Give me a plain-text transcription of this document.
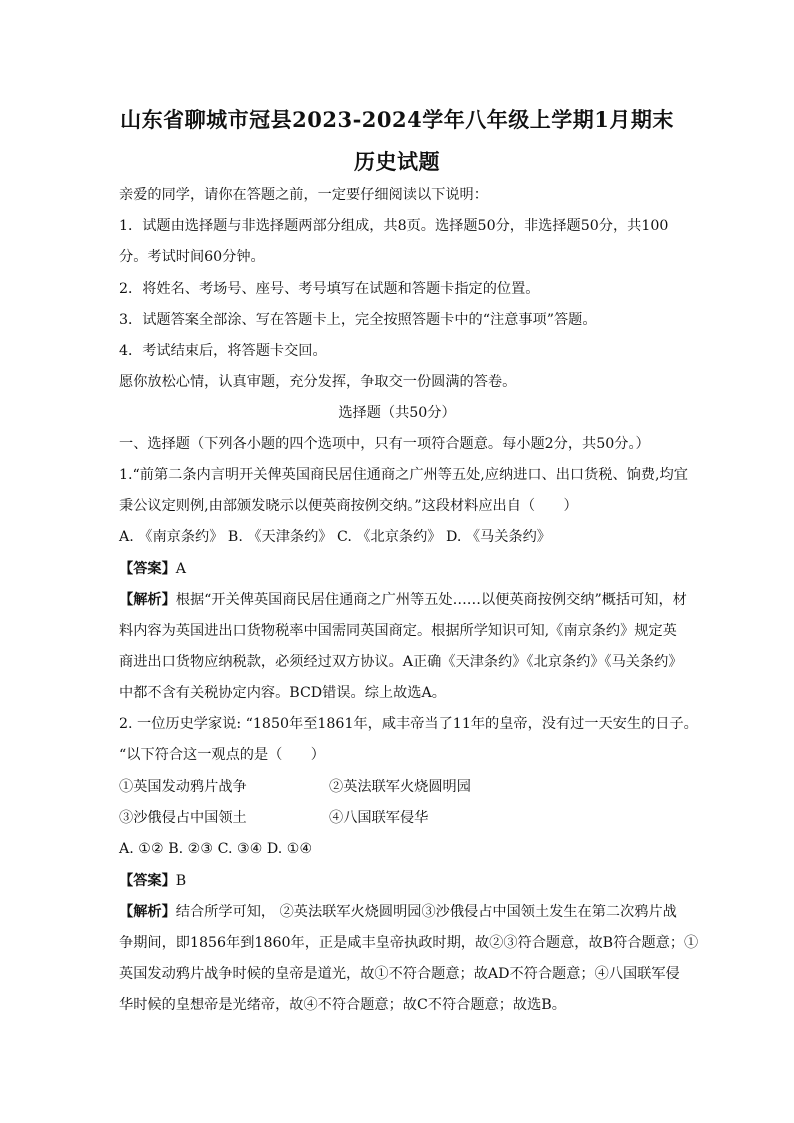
山东省聊城市冠县2023-2024学年八年级上学期1月期末
历史试题
亲爱的同学，请你在答题之前，一定要仔细阅读以下说明：
1．试题由选择题与非选择题两部分组成，共8页。选择题50分，非选择题50分，共100
分。考试时间60分钟。
2．将姓名、考场号、座号、考号填写在试题和答题卡指定的位置。
3．试题答案全部涂、写在答题卡上，完全按照答题卡中的“注意事项”答题。
4．考试结束后，将答题卡交回。
愿你放松心情，认真审题，充分发挥，争取交一份圆满的答卷。
选择题（共50分）
一、选择题（下列各小题的四个选项中，只有一项符合题意。每小题2分，共50分。）
1.“前第二条内言明开关俾英国商民居住通商之广州等五处,应纳进口、出口货税、饷费,均宜
秉公议定则例,由部颁发晓示以便英商按例交纳。”这段材料应出自（　　）
A. 《南京条约》 B. 《天津条约》 C. 《北京条约》 D. 《马关条约》
【答案】A
【解析】根据“开关俾英国商民居住通商之广州等五处……以便英商按例交纳”概括可知，材
料内容为英国进出口货物税率中国需同英国商定。根据所学知识可知,《南京条约》规定英
商进出口货物应纳税款，必须经过双方协议。A正确《天津条约》《北京条约》《马关条约》
中都不含有关税协定内容。BCD错误。综上故选A。
2. 一位历史学家说: “1850年至1861年，咸丰帝当了11年的皇帝，没有过一天安生的日子。
“以下符合这一观点的是（　　）
①英国发动鸦片战争	②英法联军火烧圆明园
③沙俄侵占中国领土	④八国联军侵华
A. ①② B. ②③ C. ③④ D. ①④
【答案】B
【解析】结合所学可知， ②英法联军火烧圆明园③沙俄侵占中国领土发生在第二次鸦片战
争期间，即1856年到1860年，正是咸丰皇帝执政时期，故②③符合题意，故B符合题意；①
英国发动鸦片战争时候的皇帝是道光，故①不符合题意；故AD不符合题意；④八国联军侵
华时候的皇想帝是光绪帝，故④不符合题意；故C不符合题意；故选B。
